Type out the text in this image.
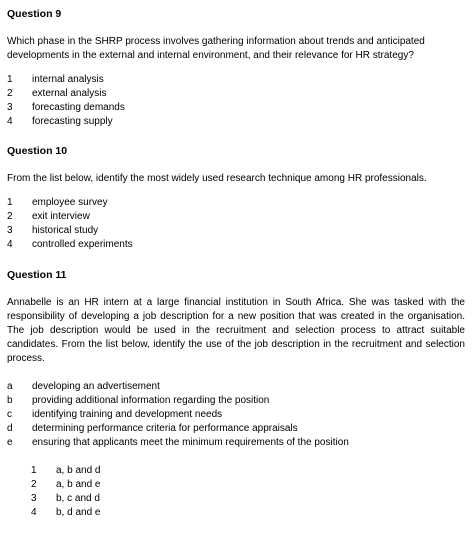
Question 9

Which phase in the SHRP process involves gathering information about trends and anticipated developments in the external and internal environment, and their relevance for HR strategy?

1	internal analysis
2	external analysis
3	forecasting demands
4	forecasting supply

Question 10

From the list below, identify the most widely used research technique among HR professionals.

1	employee survey
2	exit interview
3	historical study
4	controlled experiments

Question 11

Annabelle is an HR intern at a large financial institution in South Africa. She was tasked with the responsibility of developing a job description for a new position that was created in the organisation. The job description would be used in the recruitment and selection process to attract suitable candidates. From the list below, identify the use of the job description in the recruitment and selection process.

a	developing an advertisement
b	providing additional information regarding the position
c	identifying training and development needs
d	determining performance criteria for performance appraisals
e	ensuring that applicants meet the minimum requirements of the position
1	a, b and d
2	a, b and e
3	b, c and d
4	b, d and e
